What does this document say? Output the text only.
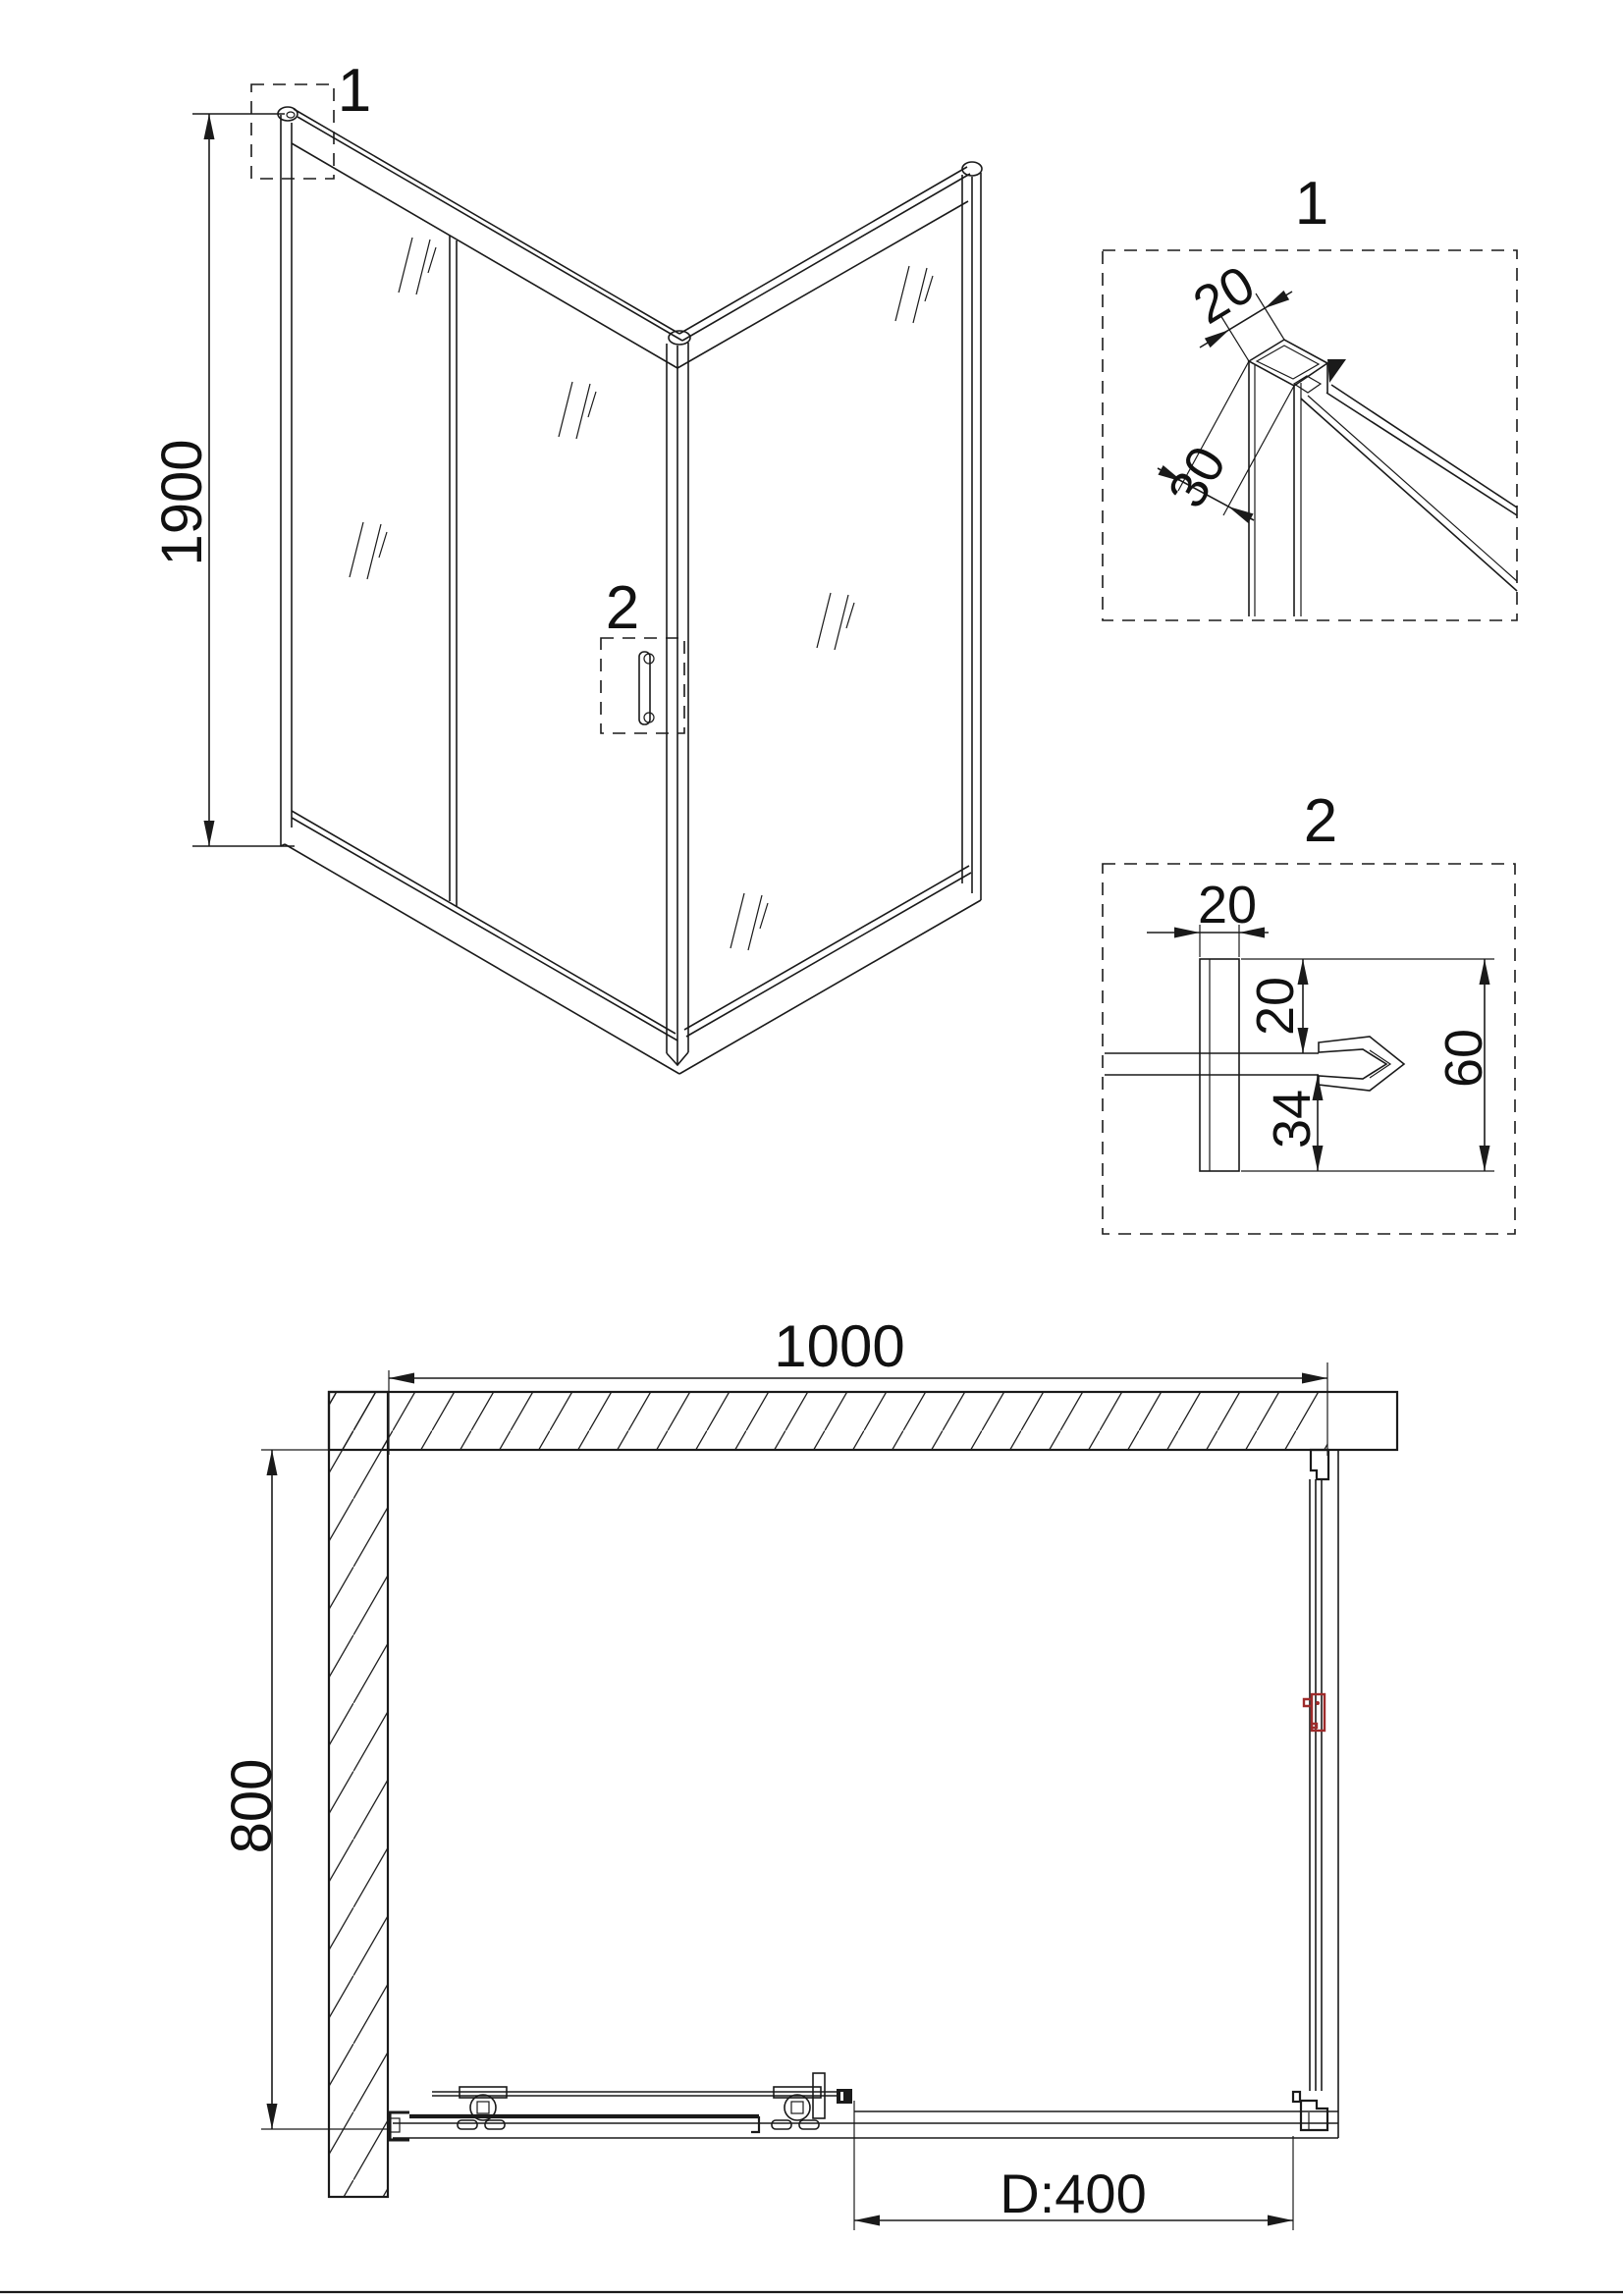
1900
1
2
1
20
30
2
20
20
34
60
1000
800
D:400
